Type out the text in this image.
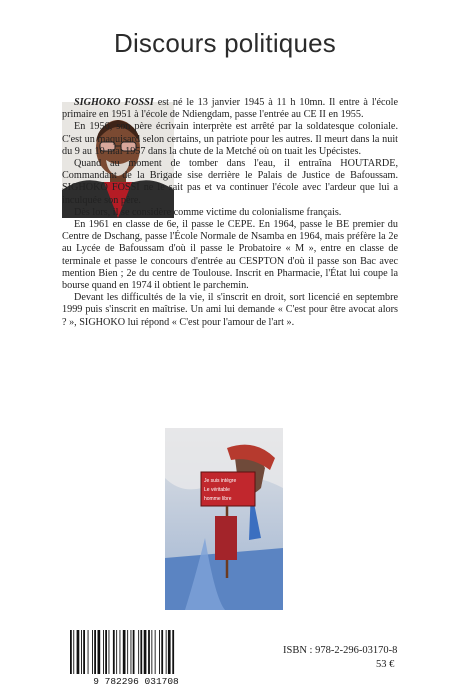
Discours politiques

SIGHOKO FOSSI est né le 13 janvier 1945 à 11 h 10mn. Il entre à l'école primaire en 1951 à l'école de Ndiengdam, passe l'entrée au CE II en 1955.

En 1956, son père écrivain interprète est arrêté par la soldatesque coloniale. C'est un maquisard selon certains, un patriote pour les autres. Il meurt dans la nuit du 9 au 10 mai 1957 dans la chute de la Metché où on tuait les Upécistes.

Quand au moment de tomber dans l'eau, il entraîna HOUTARDE, Commandant de la Brigade sise derrière le Palais de Justice de Bafoussam. SIGHOKO FOSSI ne le sait pas et va continuer l'école avec l'ardeur que lui a inculquée son père.

Dès lors, il se considère comme victime du colonialisme français.

En 1961 en classe de 6e, il passe le CEPE. En 1964, passe le BE premier du Centre de Dschang, passe l'École Normale de Nsamba en 1964, mais préfère la 2e au Lycée de Bafoussam d'où il passe le Probatoire « M », entre en classe de terminale et passe le concours d'entrée au CESPTON d'où il passe son Bac avec mention Bien ; 2e du centre de Toulouse. Inscrit en Pharmacie, l'État lui coupe la bourse quand en 1974 il obtient le parchemin.

Devant les difficultés de la vie, il s'inscrit en droit, sort licencié en septembre 1999 puis s'inscrit en maîtrise. Un ami lui demande « C'est pour être avocat alors ? », SIGHOKO lui répond « C'est pour l'amour de l'art ».

Je suis intègre
Le véritable
homme libre
9 782296 031708
ISBN : 978-2-296-03170-8
53 €
